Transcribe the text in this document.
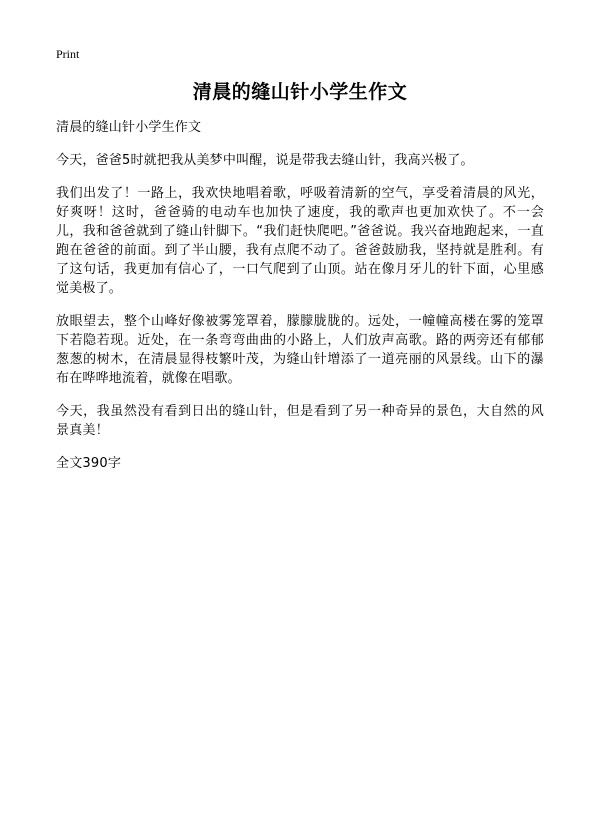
Print
清晨的缝山针小学生作文

清晨的缝山针小学生作文

今天，爸爸5时就把我从美梦中叫醒，说是带我去缝山针，我高兴极了。

我们出发了！一路上，我欢快地唱着歌，呼吸着清新的空气，享受着清晨的风光，好爽呀！这时，爸爸骑的电动车也加快了速度，我的歌声也更加欢快了。不一会儿，我和爸爸就到了缝山针脚下。“我们赶快爬吧。”爸爸说。我兴奋地跑起来，一直跑在爸爸的前面。到了半山腰，我有点爬不动了。爸爸鼓励我，坚持就是胜利。有了这句话，我更加有信心了，一口气爬到了山顶。站在像月牙儿的针下面，心里感觉美极了。

放眼望去，整个山峰好像被雾笼罩着，朦朦胧胧的。远处，一幢幢高楼在雾的笼罩下若隐若现。近处，在一条弯弯曲曲的小路上，人们放声高歌。路的两旁还有郁郁葱葱的树木，在清晨显得枝繁叶茂，为缝山针增添了一道亮丽的风景线。山下的瀑布在哗哗地流着，就像在唱歌。

今天，我虽然没有看到日出的缝山针，但是看到了另一种奇异的景色，大自然的风景真美！

全文390字
